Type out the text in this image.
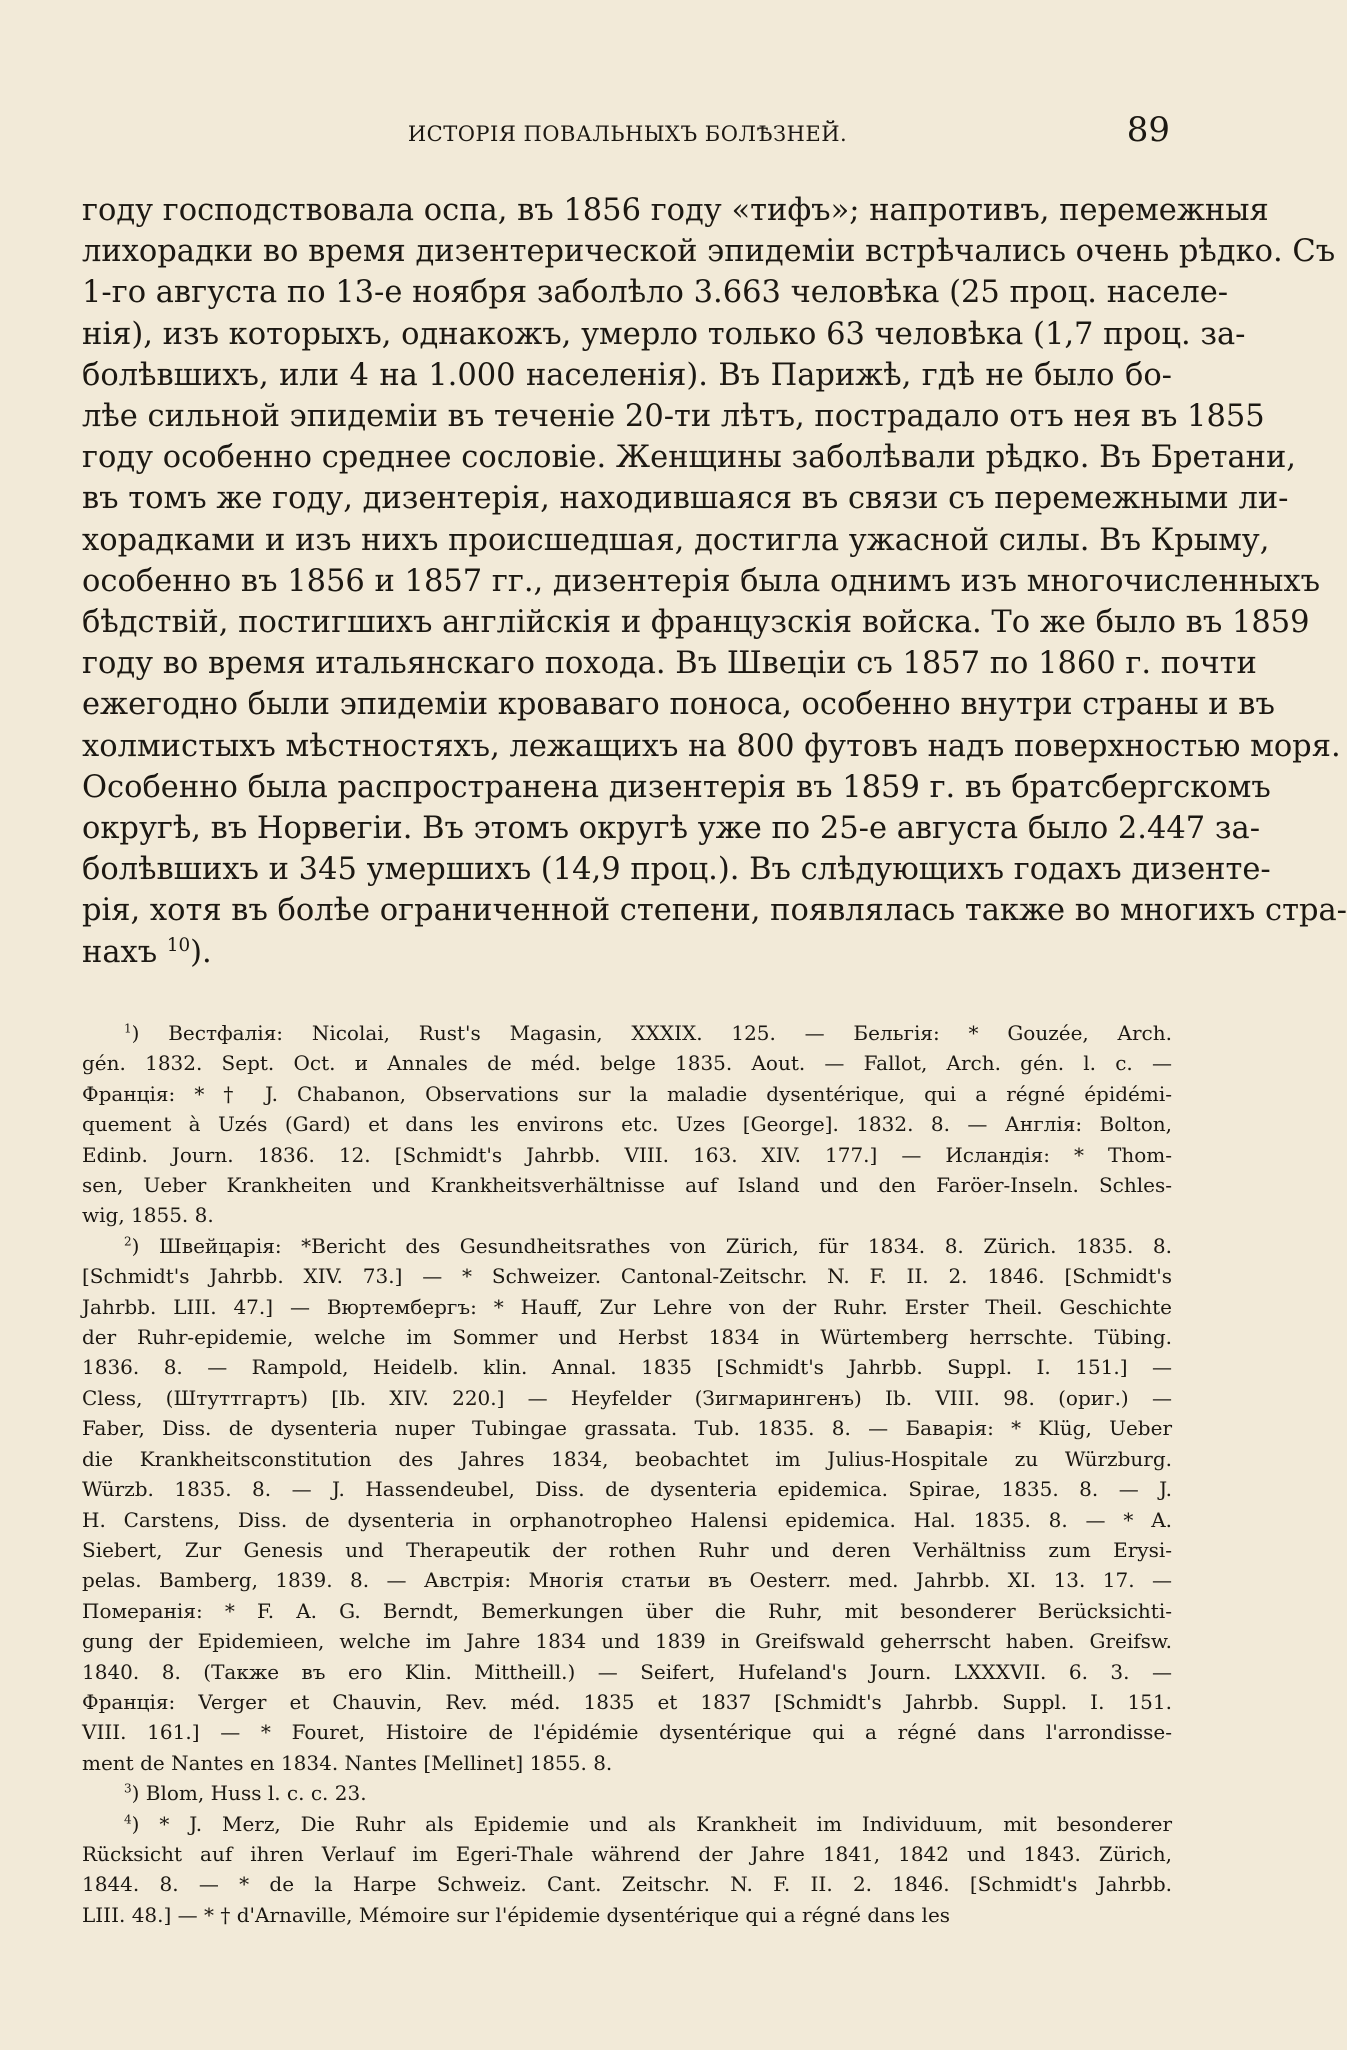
ИСТОРІЯ ПОВАЛЬНЫХЪ БОЛѢЗНЕЙ.	89
году господствовала оспа, въ 1856 году «тифъ»; напротивъ, перемежныя
лихорадки во время дизентерической эпидеміи встрѣчались очень рѣдко. Съ
1-го августа по 13-е ноября заболѣло 3.663 человѣка (25 проц. населе-
нія), изъ которыхъ, однакожъ, умерло только 63 человѣка (1,7 проц. за-
болѣвшихъ, или 4 на 1.000 населенія). Въ Парижѣ, гдѣ не было бо-
лѣе сильной эпидеміи въ теченіе 20-ти лѣтъ, пострадало отъ нея въ 1855
году особенно среднее сословіе. Женщины заболѣвали рѣдко. Въ Бретани,
въ томъ же году, дизентерія, находившаяся въ связи съ перемежными ли-
хорадками и изъ нихъ происшедшая, достигла ужасной силы. Въ Крыму,
особенно въ 1856 и 1857 гг., дизентерія была однимъ изъ многочисленныхъ
бѣдствій, постигшихъ англійскія и французскія войска. То же было въ 1859
году во время итальянскаго похода. Въ Швеціи съ 1857 по 1860 г. почти
ежегодно были эпидеміи кроваваго поноса, особенно внутри страны и въ
холмистыхъ мѣстностяхъ, лежащихъ на 800 футовъ надъ поверхностью моря.
Особенно была распространена дизентерія въ 1859 г. въ братсбергскомъ
округѣ, въ Норвегіи. Въ этомъ округѣ уже по 25-е августа было 2.447 за-
болѣвшихъ и 345 умершихъ (14,9 проц.). Въ слѣдующихъ годахъ дизенте-
рія, хотя въ болѣе ограниченной степени, появлялась также во многихъ стра-
нахъ $^{10}$).
$^1$) Вестфалія: Nicolai, Rust's Magasin, XXXIX. 125. — Бельгія: * Gouzée, Arch.
gén. 1832. Sept. Oct. и Annales de méd. belge 1835. Aout. — Fallot, Arch. gén. l. c. —
Франція: * † J. Chabanon, Observations sur la maladie dysentérique, qui a régné épidémi-
quement à Uzés (Gard) et dans les environs etc. Uzes [George]. 1832. 8. — Англія: Bolton,
Edinb. Journ. 1836. 12. [Schmidt's Jahrbb. VIII. 163. XIV. 177.] — Исландія: * Thom-
sen, Ueber Krankheiten und Krankheitsverhältnisse auf Island und den Faröer-Inseln. Schles-
wig, 1855. 8.
$^2$) Швейцарія: *Bericht des Gesundheitsrathes von Zürich, für 1834. 8. Zürich. 1835. 8.
[Schmidt's Jahrbb. XIV. 73.] — * Schweizer. Cantonal-Zeitschr. N. F. II. 2. 1846. [Schmidt's
Jahrbb. LIII. 47.] — Вюртембергъ: * Hauff, Zur Lehre von der Ruhr. Erster Theil. Geschichte
der Ruhr-epidemie, welche im Sommer und Herbst 1834 in Würtemberg herrschte. Tübing.
1836. 8. — Rampold, Heidelb. klin. Annal. 1835 [Schmidt's Jahrbb. Suppl. I. 151.] —
Cless, (Штуттгартъ) [Ib. XIV. 220.] — Heyfelder (Зигмарингенъ) Ib. VIII. 98. (ориг.) —
Faber, Diss. de dysenteria nuper Tubingae grassata. Tub. 1835. 8. — Баварія: * Klüg, Ueber
die Krankheitsconstitution des Jahres 1834, beobachtet im Julius-Hospitale zu Würzburg.
Würzb. 1835. 8. — J. Hassendeubel, Diss. de dysenteria epidemica. Spirae, 1835. 8. — J.
H. Carstens, Diss. de dysenteria in orphanotropheo Halensi epidemica. Hal. 1835. 8. — * A.
Siebert, Zur Genesis und Therapeutik der rothen Ruhr und deren Verhältniss zum Erysi-
pelas. Bamberg, 1839. 8. — Австрія: Многія статьи въ Oesterr. med. Jahrbb. XI. 13. 17. —
Померанія: * F. A. G. Berndt, Bemerkungen über die Ruhr, mit besonderer Berücksichti-
gung der Epidemieen, welche im Jahre 1834 und 1839 in Greifswald geherrscht haben. Greifsw.
1840. 8. (Также въ его Klin. Mittheill.) — Seifert, Hufeland's Journ. LXXXVII. 6. 3. —
Франція: Verger et Chauvin, Rev. méd. 1835 et 1837 [Schmidt's Jahrbb. Suppl. I. 151.
VIII. 161.] — * Fouret, Histoire de l'épidémie dysentérique qui a régné dans l'arrondisse-
ment de Nantes en 1834. Nantes [Mellinet] 1855. 8.
$^3$) Blom, Huss l. c. c. 23.
$^4$) * J. Merz, Die Ruhr als Epidemie und als Krankheit im Individuum, mit besonderer
Rücksicht auf ihren Verlauf im Egeri-Thale während der Jahre 1841, 1842 und 1843. Zürich,
1844. 8. — * de la Harpe Schweiz. Cant. Zeitschr. N. F. II. 2. 1846. [Schmidt's Jahrbb.
LIII. 48.] — * † d'Arnaville, Mémoire sur l'épidemie dysentérique qui a régné dans les
